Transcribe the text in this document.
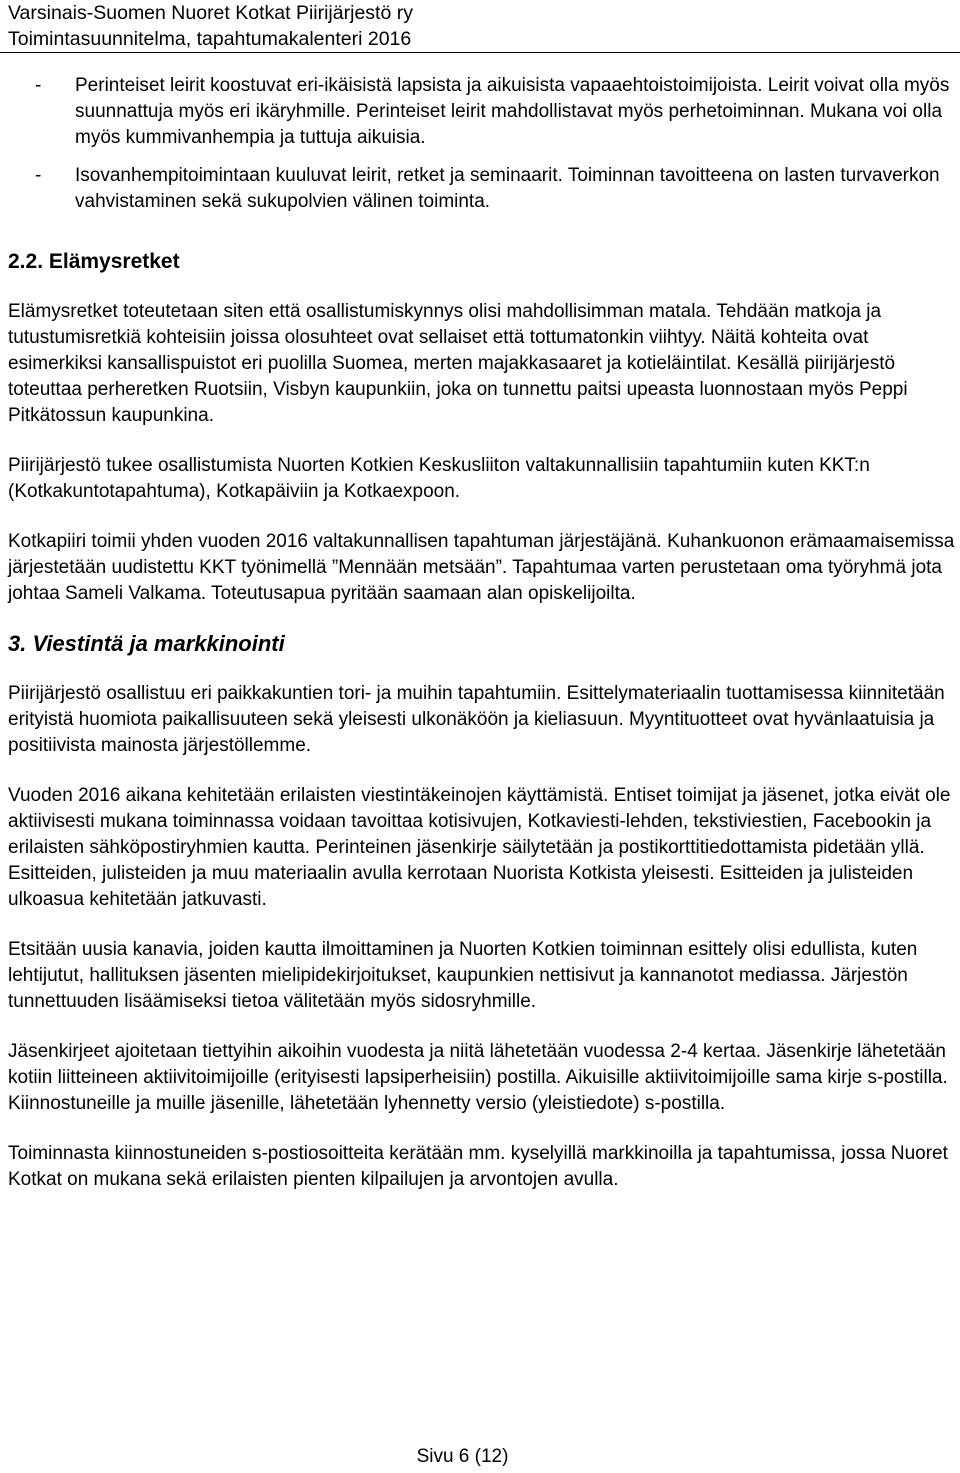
Varsinais-Suomen Nuoret Kotkat Piirijärjestö ry
Toimintasuunnitelma, tapahtumakalenteri 2016
- Perinteiset leirit koostuvat eri-ikäisistä lapsista ja aikuisista vapaaehtoistoimijoista. Leirit voivat olla myös suunnattuja myös eri ikäryhmille. Perinteiset leirit mahdollistavat myös perhetoiminnan. Mukana voi olla myös kummivanhempia ja tuttuja aikuisia.
- Isovanhempitoimintaan kuuluvat leirit, retket ja seminaarit. Toiminnan tavoitteena on lasten turvaverkon vahvistaminen sekä sukupolvien välinen toiminta.
2.2. Elämysretket

Elämysretket toteutetaan siten että osallistumiskynnys olisi mahdollisimman matala. Tehdään matkoja ja tutustumisretkiä kohteisiin joissa olosuhteet ovat sellaiset että tottumatonkin viihtyy. Näitä kohteita ovat esimerkiksi kansallispuistot eri puolilla Suomea, merten majakkasaaret ja kotieläintilat. Kesällä piirijärjestö toteuttaa perheretken Ruotsiin, Visbyn kaupunkiin, joka on tunnettu paitsi upeasta luonnostaan myös Peppi Pitkätossun kaupunkina.

Piirijärjestö tukee osallistumista Nuorten Kotkien Keskusliiton valtakunnallisiin tapahtumiin kuten KKT:n (Kotkakuntotapahtuma), Kotkapäiviin ja Kotkaexpoon.

Kotkapiiri toimii yhden vuoden 2016 valtakunnallisen tapahtuman järjestäjänä. Kuhankuonon erämaamaisemissa järjestetään uudistettu KKT työnimellä ”Mennään metsään”. Tapahtumaa varten perustetaan oma työryhmä jota johtaa Sameli Valkama. Toteutusapua pyritään saamaan alan opiskelijoilta.

3. Viestintä ja markkinointi

Piirijärjestö osallistuu eri paikkakuntien tori- ja muihin tapahtumiin. Esittelymateriaalin tuottamisessa kiinnitetään erityistä huomiota paikallisuuteen sekä yleisesti ulkonäköön ja kieliasuun. Myyntituotteet ovat hyvänlaatuisia ja positiivista mainosta järjestöllemme.

Vuoden 2016 aikana kehitetään erilaisten viestintäkeinojen käyttämistä. Entiset toimijat ja jäsenet, jotka eivät ole aktiivisesti mukana toiminnassa voidaan tavoittaa kotisivujen, Kotkaviesti-lehden, tekstiviestien, Facebookin ja erilaisten sähköpostiryhmien kautta. Perinteinen jäsenkirje säilytetään ja postikorttitiedottamista pidetään yllä. Esitteiden, julisteiden ja muu materiaalin avulla kerrotaan Nuorista Kotkista yleisesti. Esitteiden ja julisteiden ulkoasua kehitetään jatkuvasti.

Etsitään uusia kanavia, joiden kautta ilmoittaminen ja Nuorten Kotkien toiminnan esittely olisi edullista, kuten lehtijutut, hallituksen jäsenten mielipidekirjoitukset, kaupunkien nettisivut ja kannanotot mediassa. Järjestön tunnettuuden lisäämiseksi tietoa välitetään myös sidosryhmille.

Jäsenkirjeet ajoitetaan tiettyihin aikoihin vuodesta ja niitä lähetetään vuodessa 2-4 kertaa. Jäsenkirje lähetetään kotiin liitteineen aktiivitoimijoille (erityisesti lapsiperheisiin) postilla. Aikuisille aktiivitoimijoille sama kirje s-postilla. Kiinnostuneille ja muille jäsenille, lähetetään lyhennetty versio (yleistiedote) s-postilla.

Toiminnasta kiinnostuneiden s-postiosoitteita kerätään mm. kyselyillä markkinoilla ja tapahtumissa, jossa Nuoret Kotkat on mukana sekä erilaisten pienten kilpailujen ja arvontojen avulla.

Sivu 6 (12)
